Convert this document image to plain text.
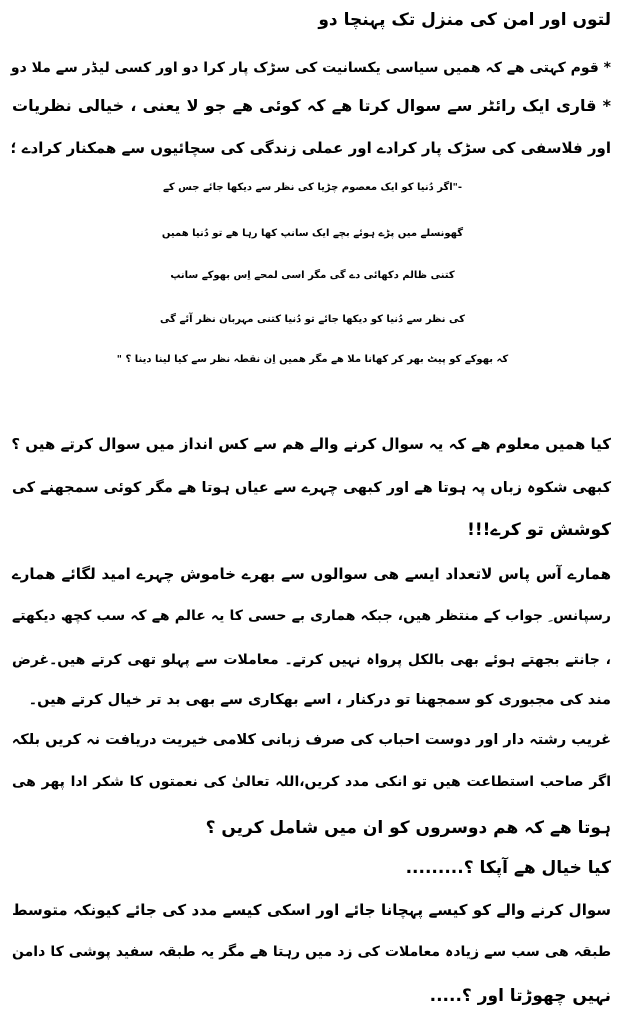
لتوں اور امن کی منزل تک پہنچا دو
* قوم کہتی ھے کہ ھمیں سیاسی یکسانیت کی سڑک پار کرا دو اور کسی لیڈر سے ملا دو
* قاری ایک رائٹر سے سوال کرتا ھے کہ کوئی ھے جو لا یعنی ، خیالی نظریات
اور فلاسفی کی سڑک پار کرادے اور عملی زندگی کی سچائیوں سے ھمکنار کرادے ؛
-"اگر دُنیا کو ایک معصوم چڑیا کی نظر سے دیکھا جائے جس کے
گھونسلے میں پڑے ہوئے بچے ایک سانپ کھا رہا ھے تو دُنیا ھمیں
کتنی ظالم دکھائی دے گی مگر اسی لمحے اِس بھوکے سانپ
کی نظر سے دُنیا کو دیکھا جائے تو دُنیا کتنی مہربان نظر آئے گی
کہ بھوکے کو پیٹ بھر کر کھانا ملا ھے مگر ھمیں اِن نقطہ نظر سے کیا لینا دینا ؟ "
کیا ھمیں معلوم ھے کہ یہ سوال کرنے والے ھم سے کس انداز میں سوال کرتے ھیں ؟
کبھی شکوہ زباں پہ ہوتا ھے اور کبھی چہرے سے عیاں ہوتا ھے مگر کوئی سمجھنے کی
کوشش تو کرے!!!
ھمارے آس پاس لاتعداد ایسے ھی سوالوں سے بھرے خاموش چہرے امید لگائے ھمارے
رسپانس ِ جواب کے منتظر ھیں، جبکہ ھماری بے حسی کا یہ عالم ھے کہ سب کچھ دیکھتے
، جانتے بجھتے ہوئے بھی بالکل پرواہ نہیں کرتے۔ معاملات سے پہلو تھی کرتے ھیں۔غرض
مند کی مجبوری کو سمجھنا تو درکنار ، اسے بھکاری سے بھی بد تر خیال کرتے ھیں۔
غریب رشتہ دار اور دوست احباب کی صرف زبانی کلامی خیریت دریافت نہ کریں بلکہ
اگر صاحب استطاعت ھیں تو انکی مدد کریں،اللہ تعالیٰ کی نعمتوں کا شکر ادا پھر ھی
ہوتا ھے کہ ھم دوسروں کو ان میں شامل کریں ؟
کیا خیال ھے آپکا ؟.........
سوال کرنے والے کو کیسے پہچانا جائے اور اسکی کیسے مدد کی جائے کیونکہ متوسط
طبقہ ھی سب سے زیادہ معاملات کی زد میں رہتا ھے مگر یہ طبقہ سفید پوشی کا دامن
نہیں چھوڑتا اور ؟.....
